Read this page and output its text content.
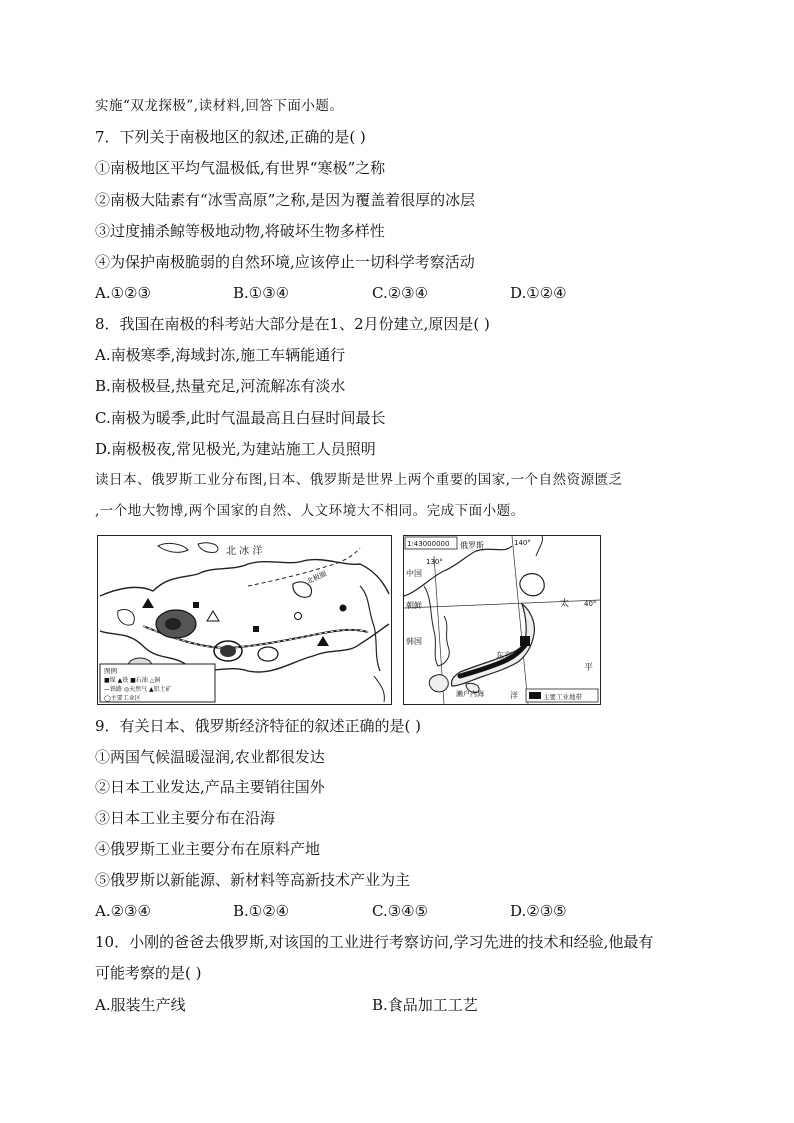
实施“双龙探极”,读材料,回答下面小题。
7．下列关于南极地区的叙述,正确的是( )
①南极地区平均气温极低,有世界“寒极”之称
②南极大陆素有“冰雪高原”之称,是因为覆盖着很厚的冰层
③过度捕杀鲸等极地动物,将破坏生物多样性
④为保护南极脆弱的自然环境,应该停止一切科学考察活动
A.①②③	B.①③④	C.②③④	D.①②④
8．我国在南极的科考站大部分是在1、2月份建立,原因是( )
A.南极寒季,海域封冻,施工车辆能通行
B.南极极昼,热量充足,河流解冻有淡水
C.南极为暖季,此时气温最高且白昼时间最长
D.南极极夜,常见极光,为建站施工人员照明
读日本、俄罗斯工业分布图,日本、俄罗斯是世界上两个重要的国家,一个自然资源匮乏
,一个地大物博,两个国家的自然、人文环境大不相同。完成下面小题。
北 冰 洋
北极圈
图例
■煤 ▲铁 ■石油 △铜
—铁路 ◎天然气 ▲铝土矿
◯主要工业区
1:43000000 俄罗斯	140°
130°
40°
中国
朝鲜
韩国
东京
濑户内海
太
平
洋	主要工业地带
9．有关日本、俄罗斯经济特征的叙述正确的是( )
①两国气候温暖湿润,农业都很发达
②日本工业发达,产品主要销往国外
③日本工业主要分布在沿海
④俄罗斯工业主要分布在原料产地
⑤俄罗斯以新能源、新材料等高新技术产业为主
A.②③④	B.①②④	C.③④⑤	D.②③⑤
10．小刚的爸爸去俄罗斯,对该国的工业进行考察访问,学习先进的技术和经验,他最有
可能考察的是( )
A.服装生产线	B.食品加工工艺
